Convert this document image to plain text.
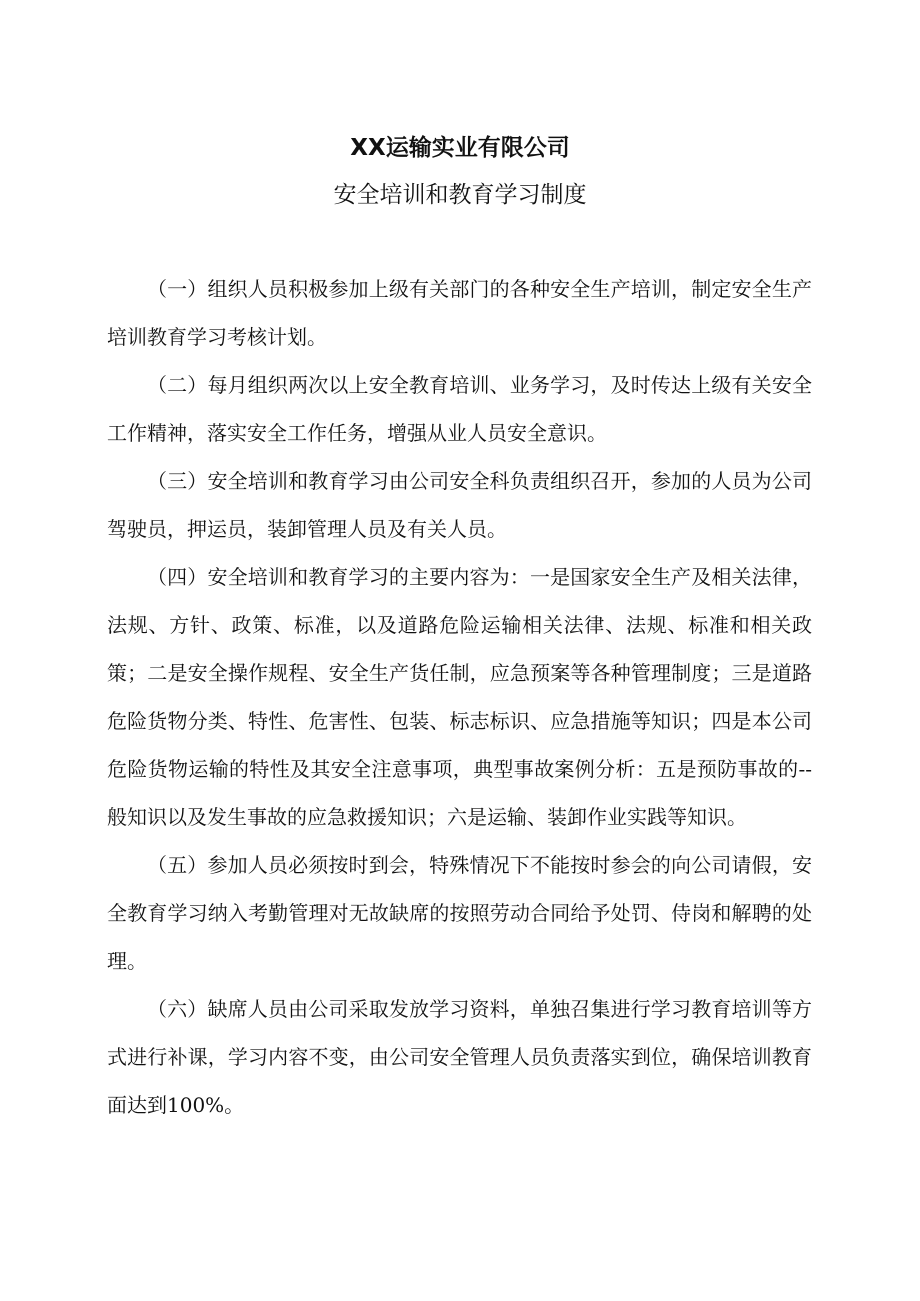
XX运输实业有限公司
安全培训和教育学习制度

（一）组织人员积极参加上级有关部门的各种安全生产培训，制定安全生产培训教育学习考核计划。

（二）每月组织两次以上安全教育培训、业务学习，及时传达上级有关安全工作精神，落实安全工作任务，增强从业人员安全意识。

（三）安全培训和教育学习由公司安全科负责组织召开，参加的人员为公司驾驶员，押运员，装卸管理人员及有关人员。

（四）安全培训和教育学习的主要内容为：一是国家安全生产及相关法律，法规、方针、政策、标准，以及道路危险运输相关法律、法规、标准和相关政策；二是安全操作规程、安全生产货任制，应急预案等各种管理制度；三是道路危险货物分类、特性、危害性、包装、标志标识、应急措施等知识；四是本公司危险货物运输的特性及其安全注意事项，典型事故案例分析：五是预防事故的--般知识以及发生事故的应急救援知识；六是运输、装卸作业实践等知识。

（五）参加人员必须按时到会，特殊情况下不能按时参会的向公司请假，安全教育学习纳入考勤管理对无故缺席的按照劳动合同给予处罚、侍岗和解聘的处理。

（六）缺席人员由公司采取发放学习资料，单独召集进行学习教育培训等方式进行补课，学习内容不变，由公司安全管理人员负责落实到位，确保培训教育面达到100%。
